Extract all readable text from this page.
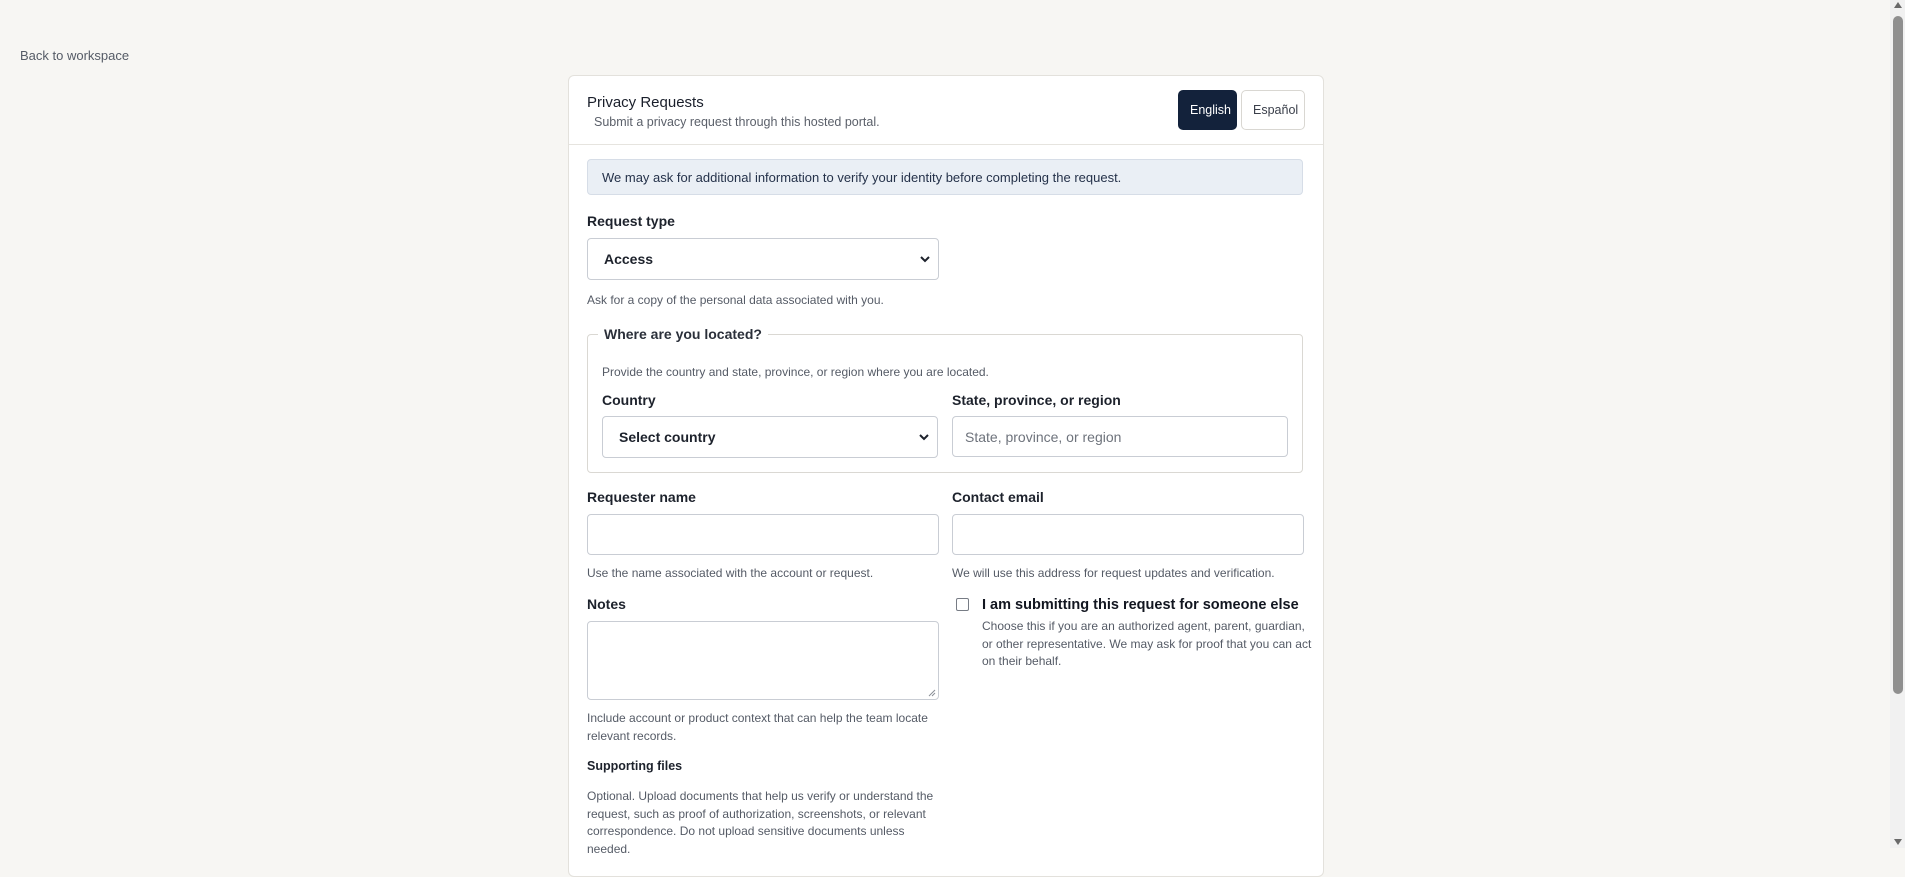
Back to workspace
Privacy Requests
Submit a privacy request through this hosted portal.
English	Español
We may ask for additional information to verify your identity before completing the request.
Request type
Access
Ask for a copy of the personal data associated with you.
Where are you located?
Provide the country and state, province, or region where you are located.
Country
Select country
State, province, or region
State, province, or region
Requester name
Use the name associated with the account or request.
Contact email
We will use this address for request updates and verification.
Notes
Include account or product context that can help the team locate relevant records.
I am submitting this request for someone else
Choose this if you are an authorized agent, parent, guardian, or other representative. We may ask for proof that you can act on their behalf.
Supporting files
Optional. Upload documents that help us verify or understand the request, such as proof of authorization, screenshots, or relevant correspondence. Do not upload sensitive documents unless needed.
